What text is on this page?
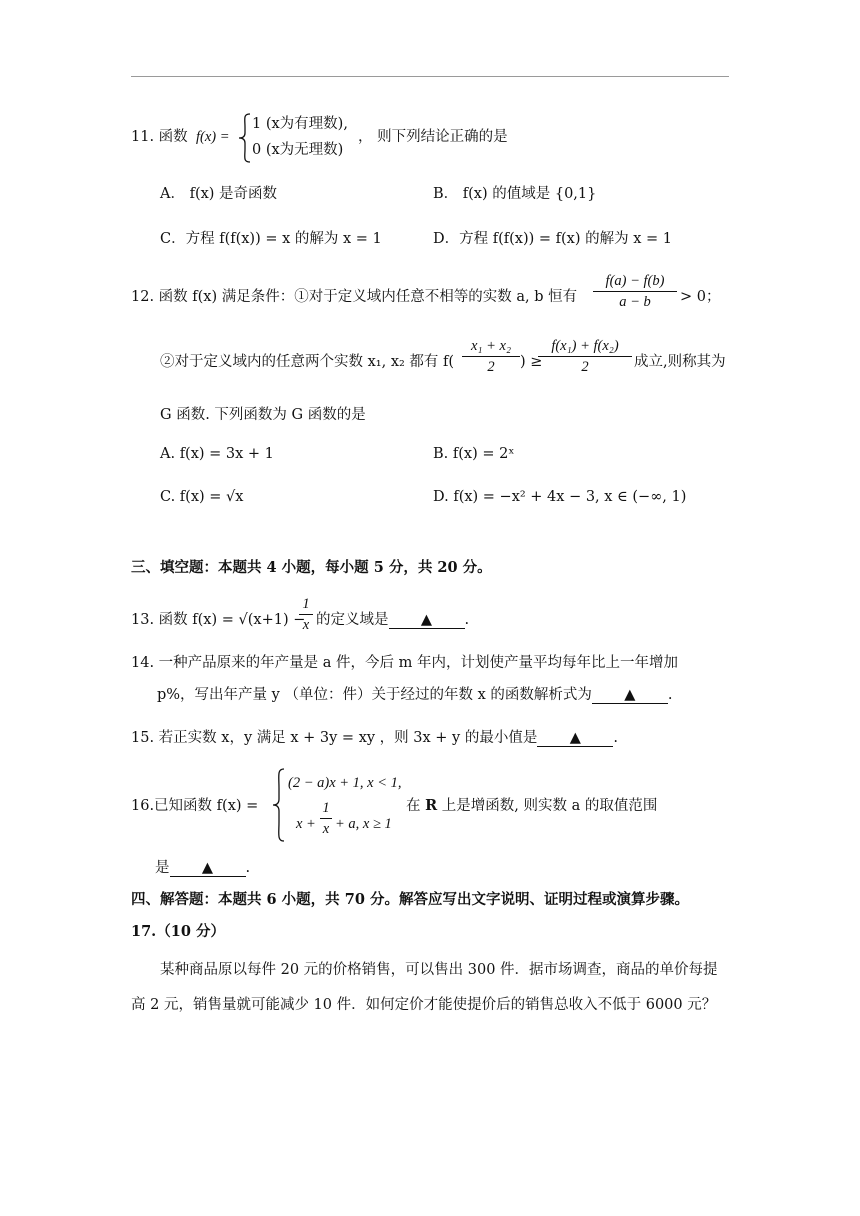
11. 函数 f(x) =
1 (x为有理数),
0 (x为无理数)
， 则下列结论正确的是
A． f(x) 是奇函数	B． f(x) 的值域是 {0,1}
C．方程 f(f(x)) = x 的解为 x = 1	D．方程 f(f(x)) = f(x) 的解为 x = 1
12. 函数 f(x) 满足条件：①对于定义域内任意不相等的实数 a, b 恒有 $\frac{f(a) - f(b)}{a - b} > 0$；
②对于定义域内的任意两个实数 x₁, x₂ 都有 $f( \frac{\text{x₁ + x₂}}{2}$ ) ≥
$\frac{\text{f(x₁) + f(x₂)}}{2}$ 成立,则称其为
G 函数. 下列函数为 G 函数的是
A. f(x) = 3x + 1	B. f(x) = 2ˣ
C. f(x) = √x	D. f(x) = −x² + 4x − 3, x ∈ (−∞, 1)
三、填空题：本题共 4 小题，每小题 5 分，共 20 分。
13. 函数 f(x) = √(x+1) −
$\frac{1}{x}$ 的定义域是 ▲ .
14. 一种产品原来的年产量是 a 件，今后 m 年内，计划使产量平均每年比上一年增加
p%，写出年产量 y （单位：件）关于经过的年数 x 的函数解析式为 ▲ .
15. 若正实数 x，y 满足 x + 3y = xy ，则 3x + y 的最小值是 ▲ .
16.已知函数 f(x) =
(2 − a)x + 1, x < 1,
$x + \frac{1}{x} + a$, x ≥ 1
在 R 上是增函数, 则实数 a 的取值范围
是 ▲ .
四、解答题：本题共 6 小题，共 70 分。解答应写出文字说明、证明过程或演算步骤。
17.（10 分）
某种商品原以每件 20 元的价格销售，可以售出 300 件．据市场调查，商品的单价每提
高 2 元，销售量就可能减少 10 件．如何定价才能使提价后的销售总收入不低于 6000 元？
